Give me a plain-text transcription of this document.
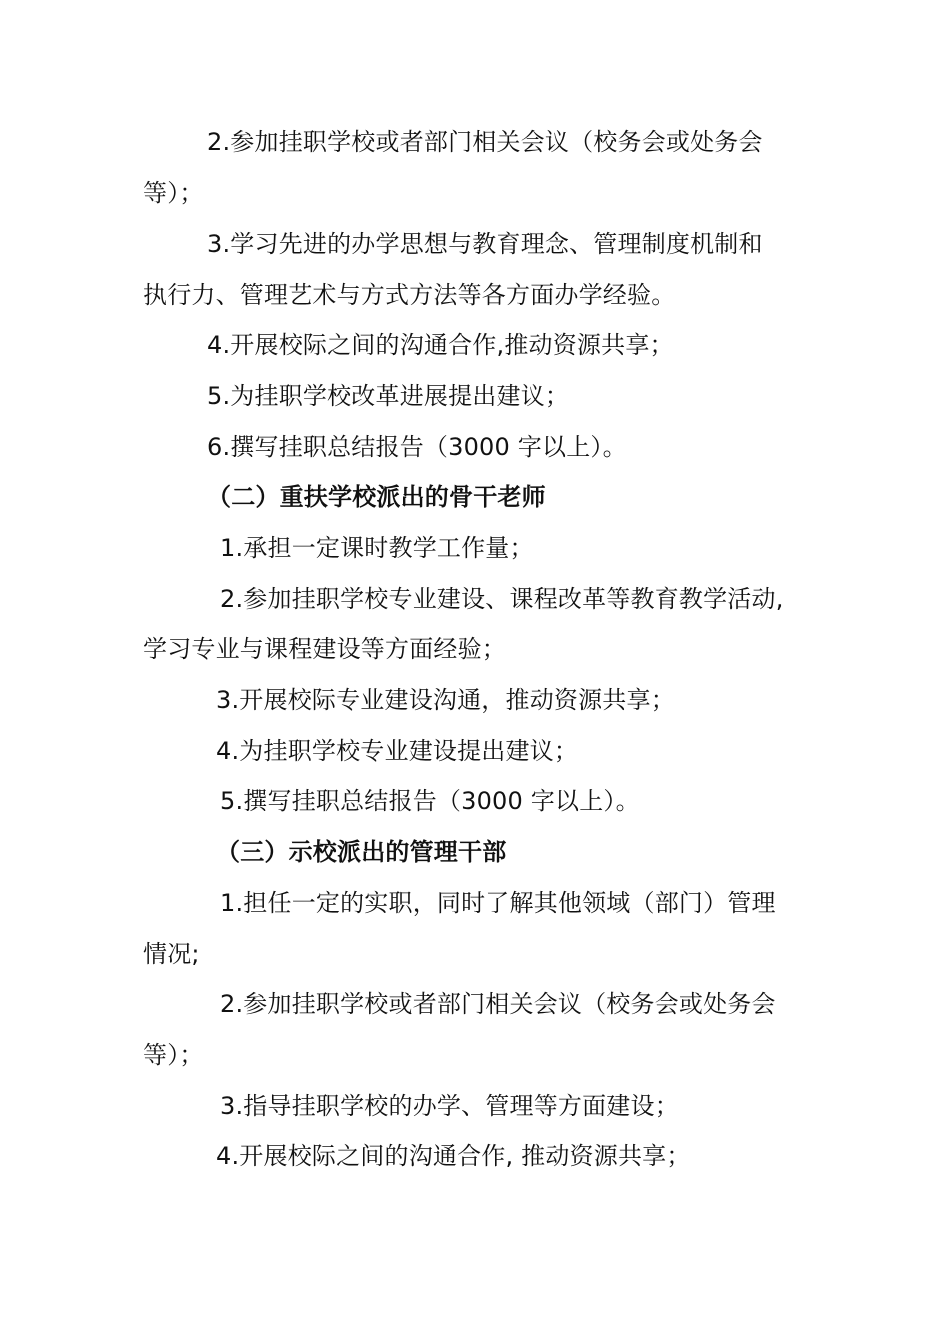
2.参加挂职学校或者部门相关会议（校务会或处务会
等）；
3.学习先进的办学思想与教育理念、管理制度机制和
执行力、管理艺术与方式方法等各方面办学经验。
4.开展校际之间的沟通合作,推动资源共享；
5.为挂职学校改革进展提出建议；
6.撰写挂职总结报告（3000 字以上）。
（二）重扶学校派出的骨干老师
1.承担一定课时教学工作量；
2.参加挂职学校专业建设、课程改革等教育教学活动,
学习专业与课程建设等方面经验；
3.开展校际专业建设沟通，推动资源共享；
4.为挂职学校专业建设提出建议；
5.撰写挂职总结报告（3000 字以上）。
（三）示校派出的管理干部
1.担任一定的实职，同时了解其他领域（部门）管理
情况;
2.参加挂职学校或者部门相关会议（校务会或处务会
等）；
3.指导挂职学校的办学、管理等方面建设；
4.开展校际之间的沟通合作, 推动资源共享；
